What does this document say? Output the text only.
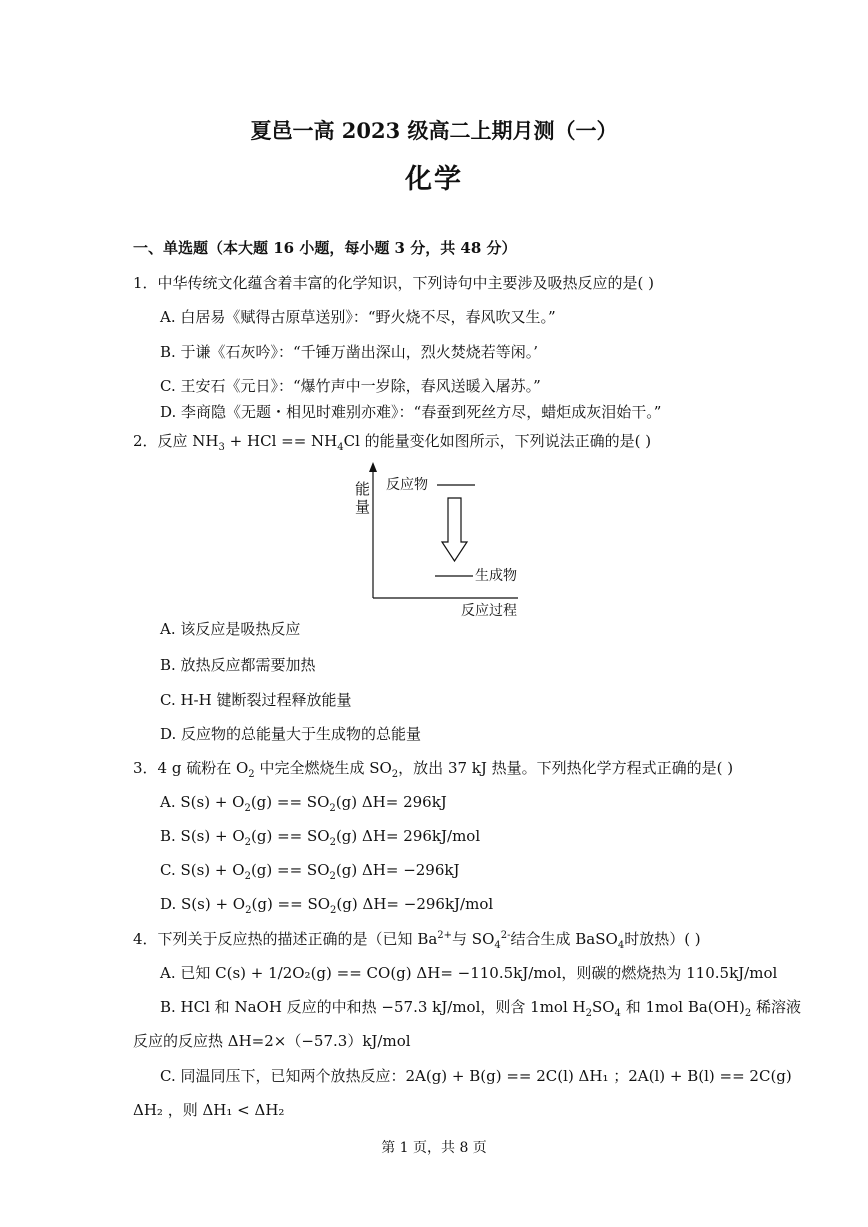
夏邑一高 2023 级高二上期月测（一）
化学
一、单选题（本大题 16 小题，每小题 3 分，共 48 分）
1．中华传统文化蕴含着丰富的化学知识，下列诗句中主要涉及吸热反应的是( )
A. 白居易《赋得古原草送别》：“野火烧不尽，春风吹又生。”
B. 于谦《石灰吟》：“千锤万凿出深山，烈火焚烧若等闲。’
C. 王安石《元日》：“爆竹声中一岁除，春风送暖入屠苏。”
D. 李商隐《无题・相见时难别亦难》：“春蚕到死丝方尽，蜡炬成灰泪始干。”
2．反应 $NH_3$ + HCl == $NH_4Cl$ 的能量变化如图所示，下列说法正确的是( )
能量
反应物
生成物
反应过程
A. 该反应是吸热反应
B. 放热反应都需要加热
C. H-H 键断裂过程释放能量
D. 反应物的总能量大于生成物的总能量
3．4 g 硫粉在 $O_2$ 中完全燃烧生成 $SO_2$，放出 37 kJ 热量。下列热化学方程式正确的是( )
A. $S(s) + O_2(g) == SO_2(g)$ ΔH= 296kJ
B. $S(s) + O_2(g) == SO_2(g)$ ΔH= 296kJ/mol
C. $S(s) + O_2(g) == SO_2(g)$ ΔH= −296kJ
D. $S(s) + O_2(g) == SO_2(g)$ ΔH= −296kJ/mol
4．下列关于反应热的描述正确的是（已知 $Ba^{2+}$与 $SO_4^{2-}$结合生成 BaSO$_4$时放热）( )
A. 已知 C(s) + 1/2O₂(g) == CO(g) ΔH= −110.5kJ/mol，则碳的燃烧热为 110.5kJ/mol
B. HCl 和 NaOH 反应的中和热 −57.3 kJ/mol，则含 1mol $H_2SO_4$ 和 1mol $Ba(OH)_2$ 稀溶液
反应的反应热 ΔH=2×（−57.3）kJ/mol
C. 同温同压下，已知两个放热反应：2A(g) + B(g) == 2C(l) ΔH₁ ；2A(l) + B(l) == 2C(g)
ΔH₂ ，则 ΔH₁ < ΔH₂
第 1 页，共 8 页
